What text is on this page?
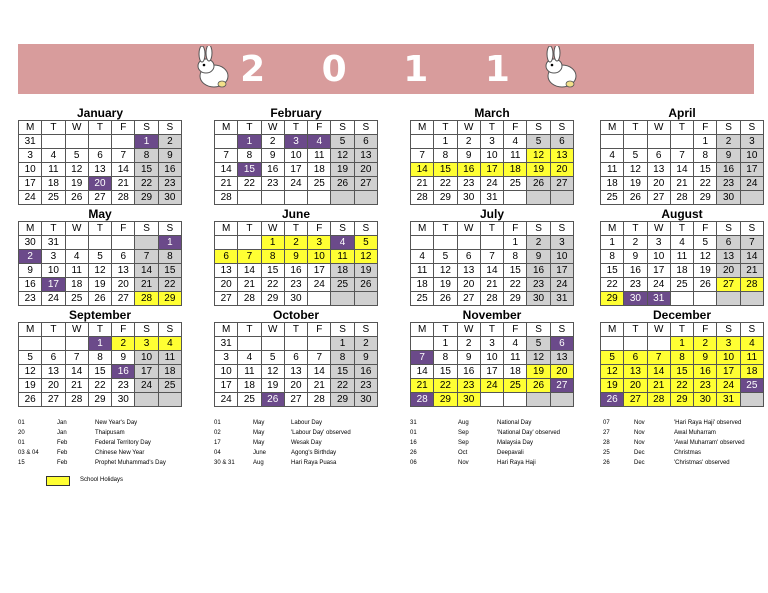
2 0 1 1
January
M	T	W	T	F	S	S
31					1	2
3	4	5	6	7	8	9
10	11	12	13	14	15	16
17	18	19	20	21	22	23
24	25	26	27	28	29	30
February
M	T	W	T	F	S	S
	1	2	3	4	5	6
7	8	9	10	11	12	13
14	15	16	17	18	19	20
21	22	23	24	25	26	27
28						
March
M	T	W	T	F	S	S
	1	2	3	4	5	6
7	8	9	10	11	12	13
14	15	16	17	18	19	20
21	22	23	24	25	26	27
28	29	30	31			
April
M	T	W	T	F	S	S
				1	2	3
4	5	6	7	8	9	10
11	12	13	14	15	16	17
18	19	20	21	22	23	24
25	26	27	28	29	30	
May
M	T	W	T	F	S	S
30	31					1
2	3	4	5	6	7	8
9	10	11	12	13	14	15
16	17	18	19	20	21	22
23	24	25	26	27	28	29
June
M	T	W	T	F	S	S
		1	2	3	4	5
6	7	8	9	10	11	12
13	14	15	16	17	18	19
20	21	22	23	24	25	26
27	28	29	30			
July
M	T	W	T	F	S	S
				1	2	3
4	5	6	7	8	9	10
11	12	13	14	15	16	17
18	19	20	21	22	23	24
25	26	27	28	29	30	31
August
M	T	W	T	F	S	S
1	2	3	4	5	6	7
8	9	10	11	12	13	14
15	16	17	18	19	20	21
22	23	24	25	26	27	28
29	30	31				
September
M	T	W	T	F	S	S
			1	2	3	4
5	6	7	8	9	10	11
12	13	14	15	16	17	18
19	20	21	22	23	24	25
26	27	28	29	30		
October
M	T	W	T	F	S	S
31					1	2
3	4	5	6	7	8	9
10	11	12	13	14	15	16
17	18	19	20	21	22	23
24	25	26	27	28	29	30
November
M	T	W	T	F	S	S
	1	2	3	4	5	6
7	8	9	10	11	12	13
14	15	16	17	18	19	20
21	22	23	24	25	26	27
28	29	30				
December
M	T	W	T	F	S	S
			1	2	3	4
5	6	7	8	9	10	11
12	13	14	15	16	17	18
19	20	21	22	23	24	25
26	27	28	29	30	31	
01	Jan	New Year's Day
20	Jan	Thaipusam
01	Feb	Federal Territory Day
03 & 04	Feb	Chinese New Year
15	Feb	Prophet Muhammad's Day
01	May	Labour Day
02	May	'Labour Day' observed
17	May	Wesak Day
04	June	Agong's Birthday
30 & 31	Aug	Hari Raya Puasa
31	Aug	National Day
01	Sep	'National Day' observed
16	Sep	Malaysia Day
26	Oct	Deepavali
06	Nov	Hari Raya Haji
07	Nov	'Hari Raya Haji' observed
27	Nov	Awal Muharram
28	Nov	'Awal Muharram' observed
25	Dec	Christmas
26	Dec	'Christmas' observed
School Holidays
